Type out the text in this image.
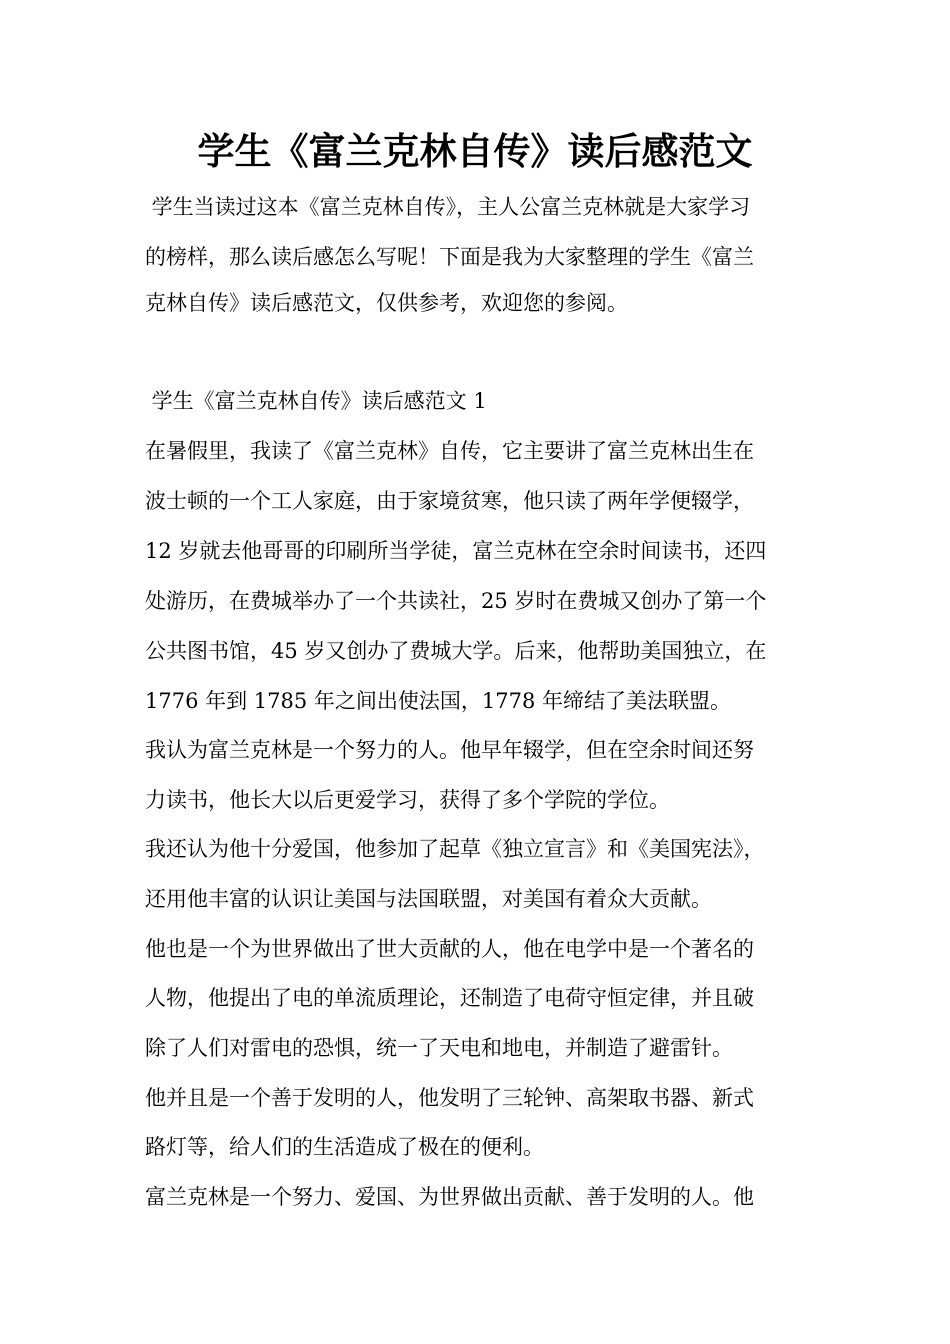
学生《富兰克林自传》读后感范文

学生当读过这本《富兰克林自传》，主人公富兰克林就是大家学习

的榜样，那么读后感怎么写呢！下面是我为大家整理的学生《富兰

克林自传》读后感范文，仅供参考，欢迎您的参阅。

学生《富兰克林自传》读后感范文 1

在暑假里，我读了《富兰克林》自传，它主要讲了富兰克林出生在

波士顿的一个工人家庭，由于家境贫寒，他只读了两年学便辍学，

12 岁就去他哥哥的印刷所当学徒，富兰克林在空余时间读书，还四

处游历，在费城举办了一个共读社，25 岁时在费城又创办了第一个

公共图书馆，45 岁又创办了费城大学。后来，他帮助美国独立，在

1776 年到 1785 年之间出使法国，1778 年缔结了美法联盟。

我认为富兰克林是一个努力的人。他早年辍学，但在空余时间还努

力读书，他长大以后更爱学习，获得了多个学院的学位。

我还认为他十分爱国，他参加了起草《独立宣言》和《美国宪法》，

还用他丰富的认识让美国与法国联盟，对美国有着众大贡献。

他也是一个为世界做出了世大贡献的人，他在电学中是一个著名的

人物，他提出了电的单流质理论，还制造了电荷守恒定律，并且破

除了人们对雷电的恐惧，统一了天电和地电，并制造了避雷针。

他并且是一个善于发明的人，他发明了三轮钟、高架取书器、新式

路灯等，给人们的生活造成了极在的便利。

富兰克林是一个努力、爱国、为世界做出贡献、善于发明的人。他
